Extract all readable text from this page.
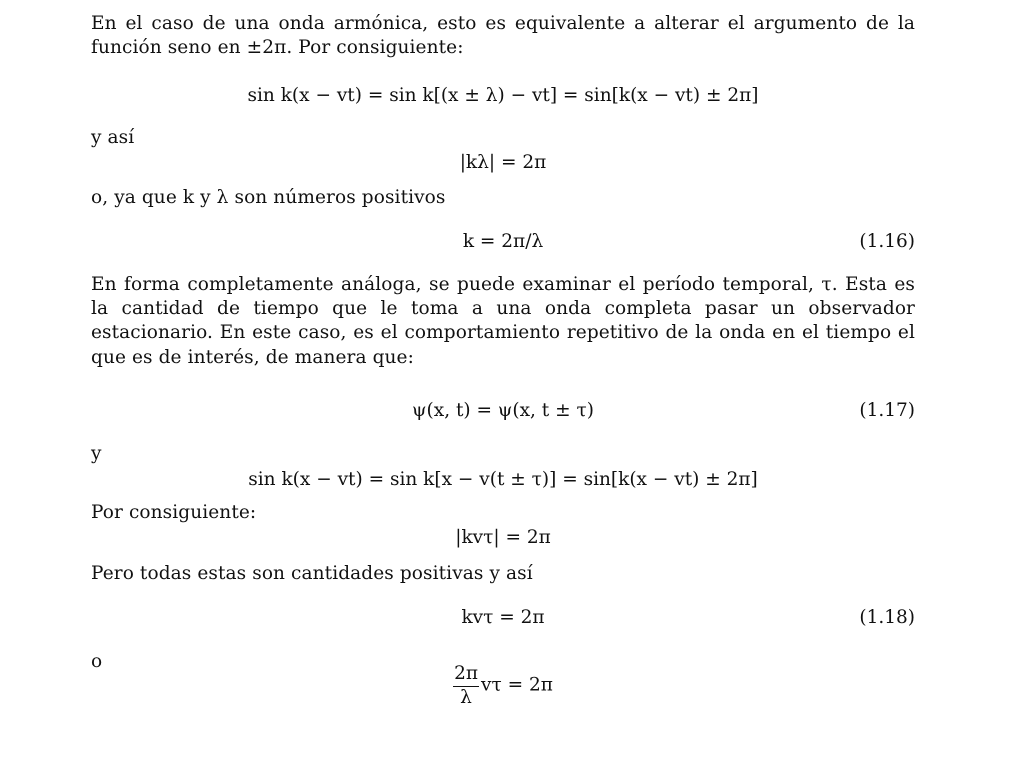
En el caso de una onda armónica, esto es equivalente a alterar el argumento de la función seno en ±2π. Por consiguiente:

sin k(x − vt) = sin k[(x ± λ) − vt] = sin[k(x − vt) ± 2π]

y así

|kλ| = 2π

o, ya que k y λ son números positivos

k = 2π/λ	(1.16)

En forma completamente análoga, se puede examinar el período temporal, τ. Esta es la cantidad de tiempo que le toma a una onda completa pasar un observador estacionario. En este caso, es el comportamiento repetitivo de la onda en el tiempo el que es de interés, de manera que:

ψ(x, t) = ψ(x, t ± τ)	(1.17)

y

sin k(x − vt) = sin k[x − v(t ± τ)] = sin[k(x − vt) ± 2π]

Por consiguiente:

|kvτ| = 2π

Pero todas estas son cantidades positivas y así

kvτ = 2π	(1.18)

o

$\frac{2\pi}{\lambda}$ vτ = 2π
